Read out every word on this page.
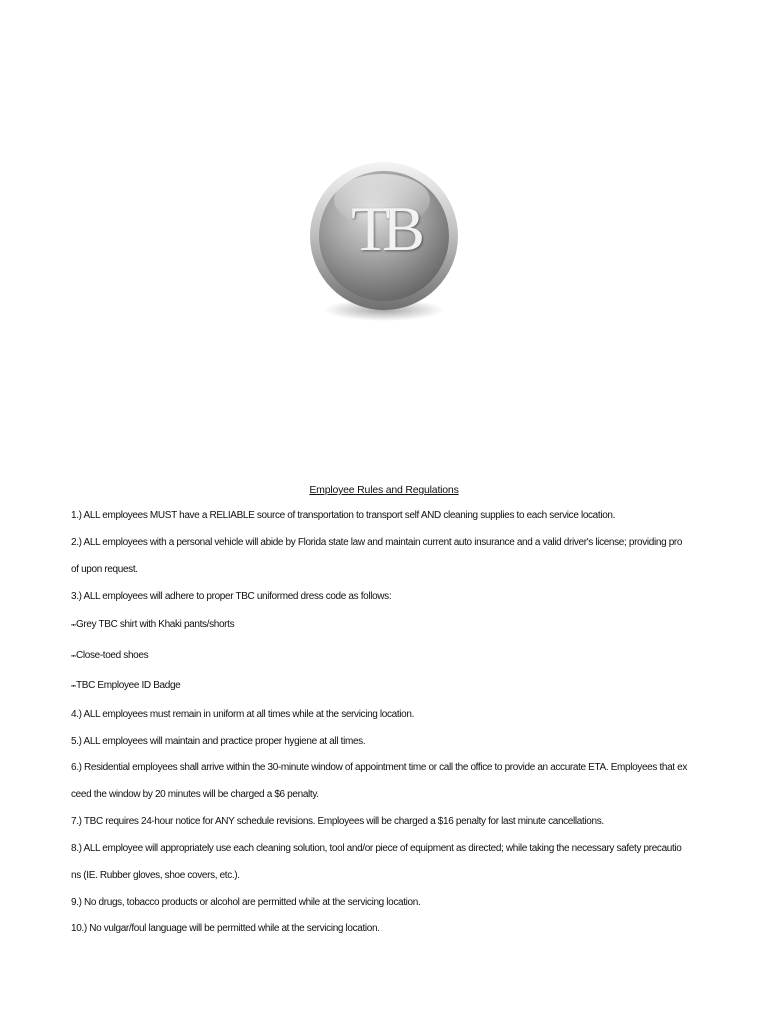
TB
Employee Rules and Regulations
1.) ALL employees MUST have a RELIABLE source of transportation to transport self AND cleaning supplies to each service location.
2.) ALL employees with a personal vehicle will abide by Florida state law and maintain current auto insurance and a valid driver's license; providing pro
of upon request.
3.) ALL employees will adhere to proper TBC uniformed dress code as follows:
„„Grey TBC shirt with Khaki pants/shorts
„„Close-toed shoes
„„TBC Employee ID Badge
4.) ALL employees must remain in uniform at all times while at the servicing location.
5.) ALL employees will maintain and practice proper hygiene at all times.
6.) Residential employees shall arrive within the 30-minute window of appointment time or call the office to provide an accurate ETA. Employees that ex
ceed the window by 20 minutes will be charged a $6 penalty.
7.) TBC requires 24-hour notice for ANY schedule revisions. Employees will be charged a $16 penalty for last minute cancellations.
8.) ALL employee will appropriately use each cleaning solution, tool and/or piece of equipment as directed; while taking the necessary safety precautio
ns (IE. Rubber gloves, shoe covers, etc.).
9.) No drugs, tobacco products or alcohol are permitted while at the servicing location.
10.) No vulgar/foul language will be permitted while at the servicing location.
